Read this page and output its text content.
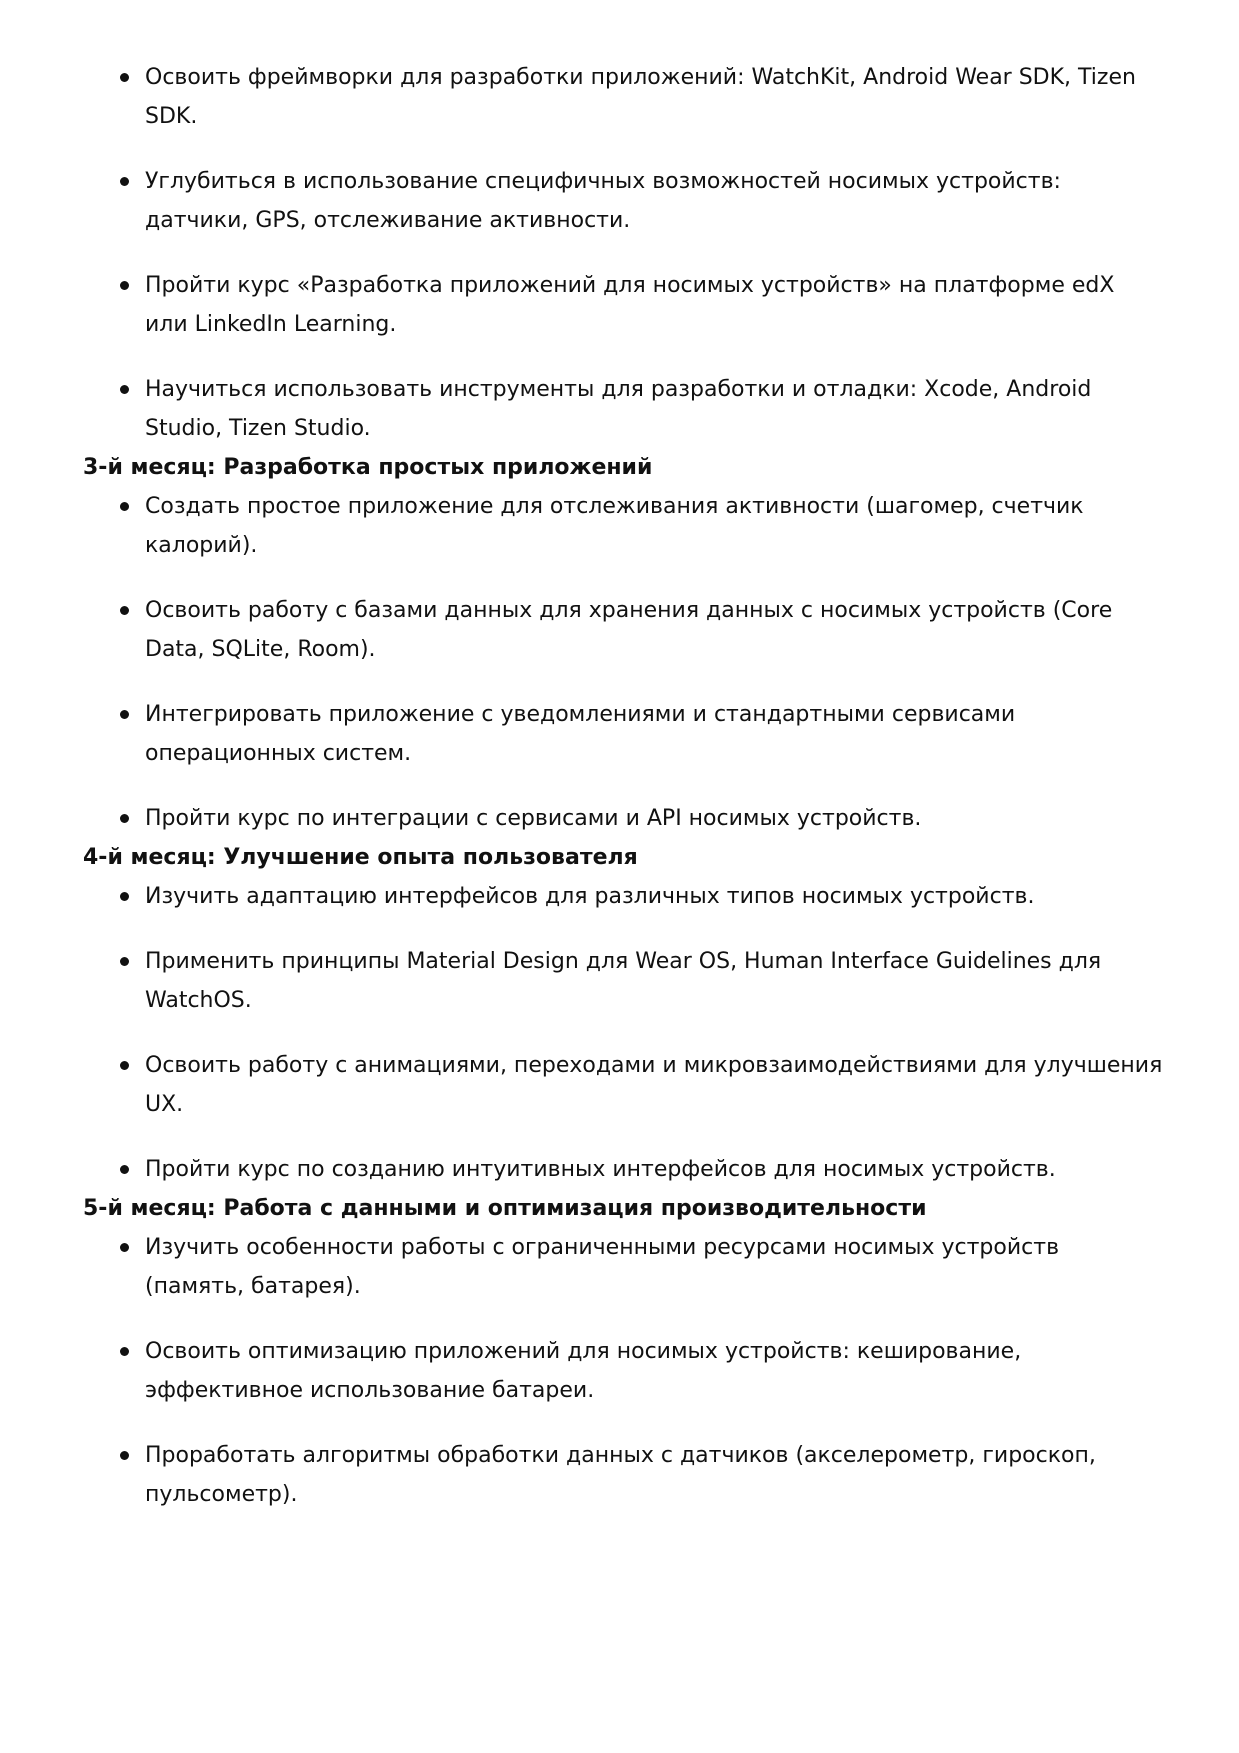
Освоить фреймворки для разработки приложений: WatchKit, Android Wear SDK, Tizen SDK.
Углубиться в использование специфичных возможностей носимых устройств: датчики, GPS, отслеживание активности.
Пройти курс «Разработка приложений для носимых устройств» на платформе edX или LinkedIn Learning.
Научиться использовать инструменты для разработки и отладки: Xcode, Android Studio, Tizen Studio.
3-й месяц: Разработка простых приложений
Создать простое приложение для отслеживания активности (шагомер, счетчик калорий).
Освоить работу с базами данных для хранения данных с носимых устройств (Core Data, SQLite, Room).
Интегрировать приложение с уведомлениями и стандартными сервисами операционных систем.
Пройти курс по интеграции с сервисами и API носимых устройств.
4-й месяц: Улучшение опыта пользователя
Изучить адаптацию интерфейсов для различных типов носимых устройств.
Применить принципы Material Design для Wear OS, Human Interface Guidelines для WatchOS.
Освоить работу с анимациями, переходами и микровзаимодействиями для улучшения UX.
Пройти курс по созданию интуитивных интерфейсов для носимых устройств.
5-й месяц: Работа с данными и оптимизация производительности
Изучить особенности работы с ограниченными ресурсами носимых устройств (память, батарея).
Освоить оптимизацию приложений для носимых устройств: кеширование, эффективное использование батареи.
Проработать алгоритмы обработки данных с датчиков (акселерометр, гироскоп, пульсометр).
